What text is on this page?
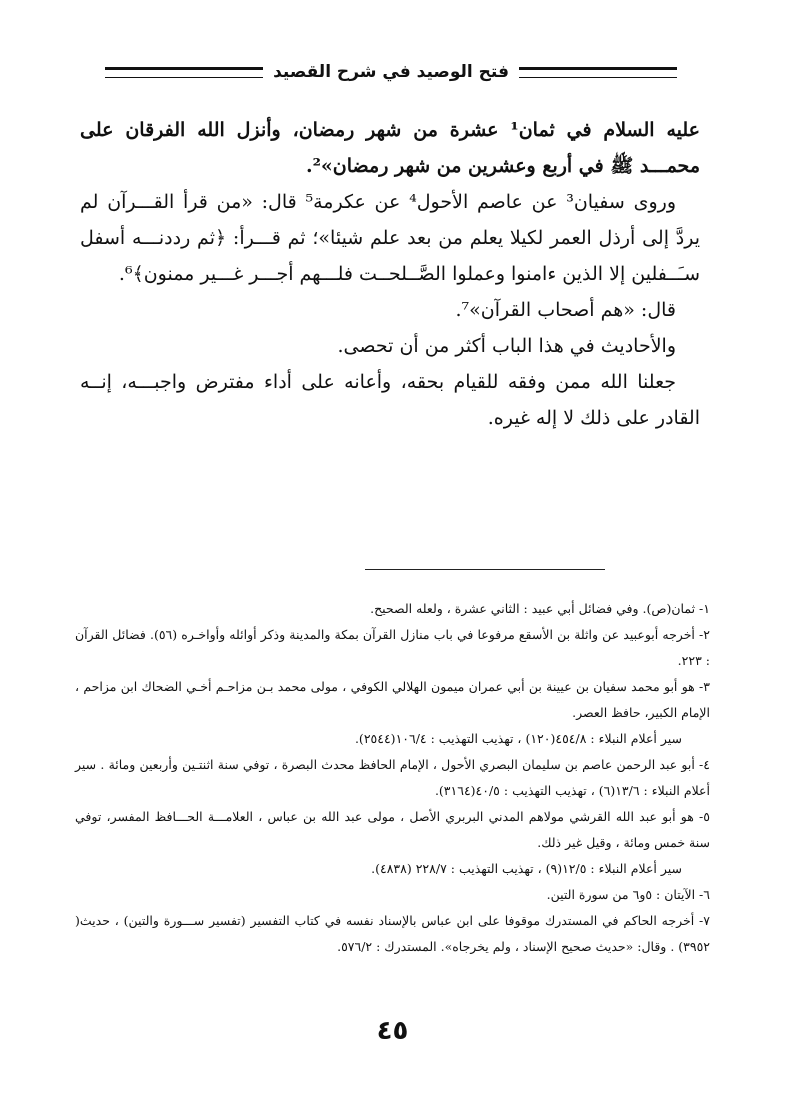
فتح الوصيد في شرح القصيد

عليه السلام في ثمان¹ عشرة من شهر رمضان، وأنزل الله الفرقان على محمـــد ﷺ في أربع وعشرين من شهر رمضان»².

وروى سفيان³ عن عاصم الأحول⁴ عن عكرمة⁵ قال: «من قرأ القـــرآن لم يردَّ إلى أرذل العمر لكيلا يعلم من بعد علم شيئا»؛ ثم قـــرأ: ﴿ثم رددنـــه أسفل سـَــفلين إلا الذين ءامنوا وعملوا الصَّــلحــت فلـــهم أجـــر غـــير ممنون﴾⁶.

قال: «هم أصحاب القرآن»⁷.

والأحاديث في هذا الباب أكثر من أن تحصى.

جعلنا الله ممن وفقه للقيام بحقه، وأعانه على أداء مفترض واجبـــه، إنــه القادر على ذلك لا إله غيره.

١- ثمان(ص). وفي فضائل أبي عبيد : الثاني عشرة ، ولعله الصحيح.

٢- أخرجه أبوعبيد عن واثلة بن الأسقع مرفوعا في باب منازل القرآن بمكة والمدينة وذكر أوائله وأواخـره (٥٦). فضائل القرآن : ٢٢٣.

٣- هو أبو محمد سفيان بن عيينة بن أبي عمران ميمون الهلالي الكوفي ، مولى محمد بـن مزاحـم أخـي الضحاك ابن مزاحم ، الإمام الكبير، حافظ العصر.

سير أعلام النبلاء : ٤٥٤/٨(١٢٠) ، تهذيب التهذيب : ١٠٦/٤(٢٥٤٤).

٤- أبو عبد الرحمن عاصم بن سليمان البصري الأحول ، الإمام الحافظ محدث البصرة ، توفي سنة اثنتـين وأربعين ومائة . سير أعلام النبلاء : ١٣/٦(٦) ، تهذيب التهذيب : ٤٠/٥(٣١٦٤).

٥- هو أبو عبد الله القرشي مولاهم المدني البربري الأصل ، مولى عبد الله بن عباس ، العلامـــة الحـــافظ المفسر، توفي سنة خمس ومائة ، وقيل غير ذلك.

سير أعلام النبلاء : ١٢/٥(٩) ، تهذيب التهذيب : ٢٢٨/٧ (٤٨٣٨).

٦- الآيتان : ٥و٦ من سورة التين.

٧- أخرجه الحاكم في المستدرك موقوفا على ابن عباس بالإسناد نفسه في كتاب التفسير (تفسير ســـورة والتين) ، حديث( ٣٩٥٢) . وقال: «حديث صحيح الإسناد ، ولم يخرجاه». المستدرك : ٥٧٦/٢.

٤٥
